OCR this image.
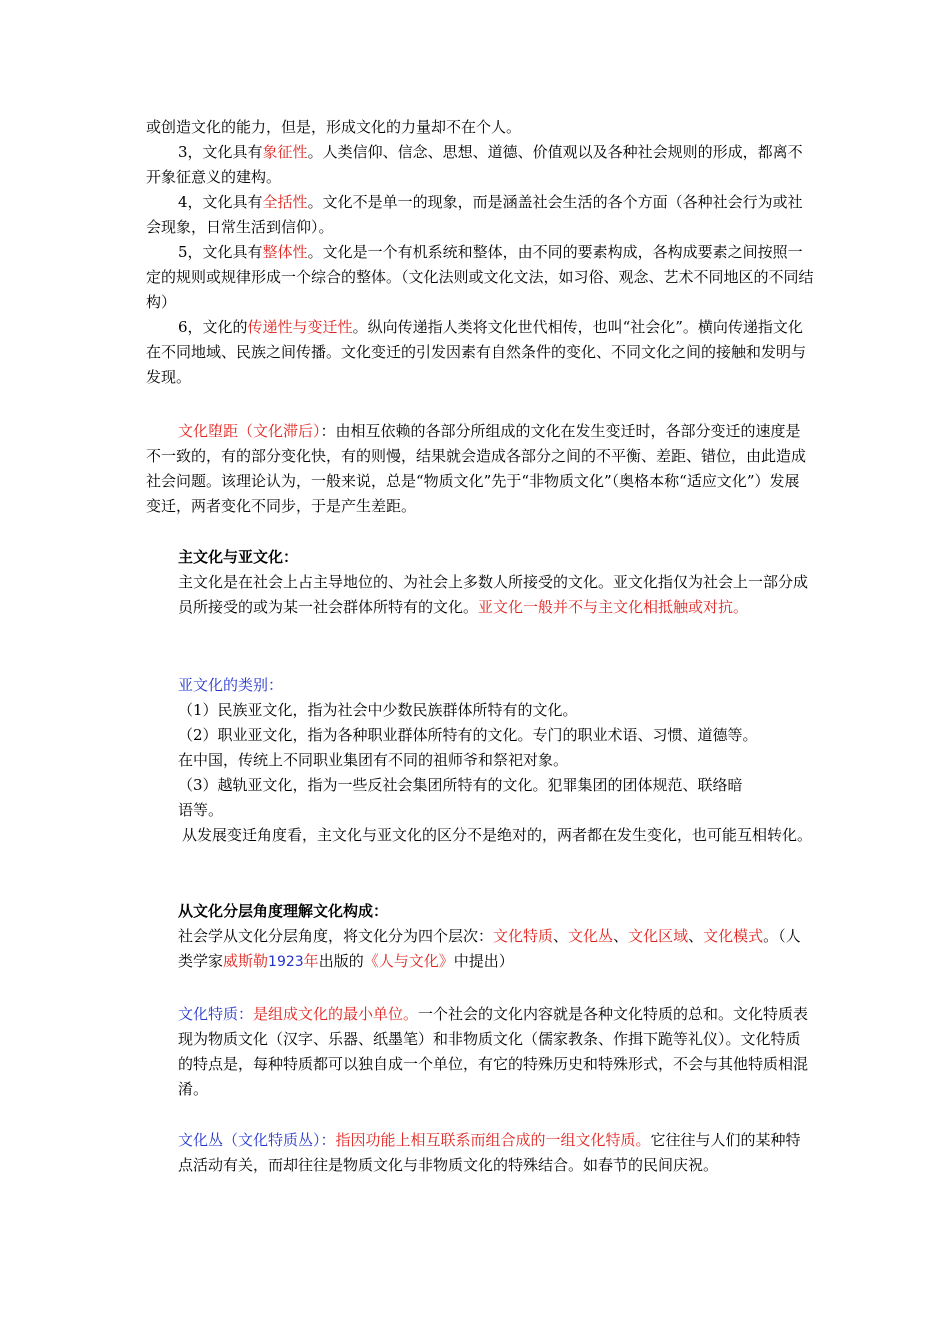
或创造文化的能力，但是，形成文化的力量却不在个人。
3，文化具有象征性。人类信仰、信念、思想、道德、价值观以及各种社会规则的形成，都离不开象征意义的建构。
4，文化具有全括性。文化不是单一的现象，而是涵盖社会生活的各个方面（各种社会行为或社会现象，日常生活到信仰）。
5，文化具有整体性。文化是一个有机系统和整体，由不同的要素构成，各构成要素之间按照一定的规则或规律形成一个综合的整体。（文化法则或文化文法，如习俗、观念、艺术不同地区的不同结构）
6，文化的传递性与变迁性。纵向传递指人类将文化世代相传，也叫“社会化”。横向传递指文化在不同地域、民族之间传播。文化变迁的引发因素有自然条件的变化、不同文化之间的接触和发明与发现。
文化堕距（文化滞后）：由相互依赖的各部分所组成的文化在发生变迁时，各部分变迁的速度是不一致的，有的部分变化快，有的则慢，结果就会造成各部分之间的不平衡、差距、错位，由此造成社会问题。该理论认为，一般来说，总是“物质文化”先于“非物质文化”（奥格本称“适应文化”）发展变迁，两者变化不同步，于是产生差距。
主文化与亚文化：
主文化是在社会上占主导地位的、为社会上多数人所接受的文化。亚文化指仅为社会上一部分成员所接受的或为某一社会群体所特有的文化。亚文化一般并不与主文化相抵触或对抗。
亚文化的类别：
（1）民族亚文化，指为社会中少数民族群体所特有的文化。
（2）职业亚文化，指为各种职业群体所特有的文化。专门的职业术语、习惯、道德等。
在中国，传统上不同职业集团有不同的祖师爷和祭祀对象。
（3）越轨亚文化，指为一些反社会集团所特有的文化。犯罪集团的团体规范、联络暗
语等。
从发展变迁角度看，主文化与亚文化的区分不是绝对的，两者都在发生变化，也可能互相转化。
从文化分层角度理解文化构成：
社会学从文化分层角度，将文化分为四个层次：文化特质、文化丛、文化区域、文化模式。（人类学家威斯勒1923年出版的《人与文化》中提出）
文化特质：是组成文化的最小单位。一个社会的文化内容就是各种文化特质的总和。文化特质表现为物质文化（汉字、乐器、纸墨笔）和非物质文化（儒家教条、作揖下跪等礼仪）。文化特质的特点是，每种特质都可以独自成一个单位，有它的特殊历史和特殊形式，不会与其他特质相混淆。
文化丛（文化特质丛）：指因功能上相互联系而组合成的一组文化特质。它往往与人们的某种特点活动有关，而却往往是物质文化与非物质文化的特殊结合。如春节的民间庆祝。
